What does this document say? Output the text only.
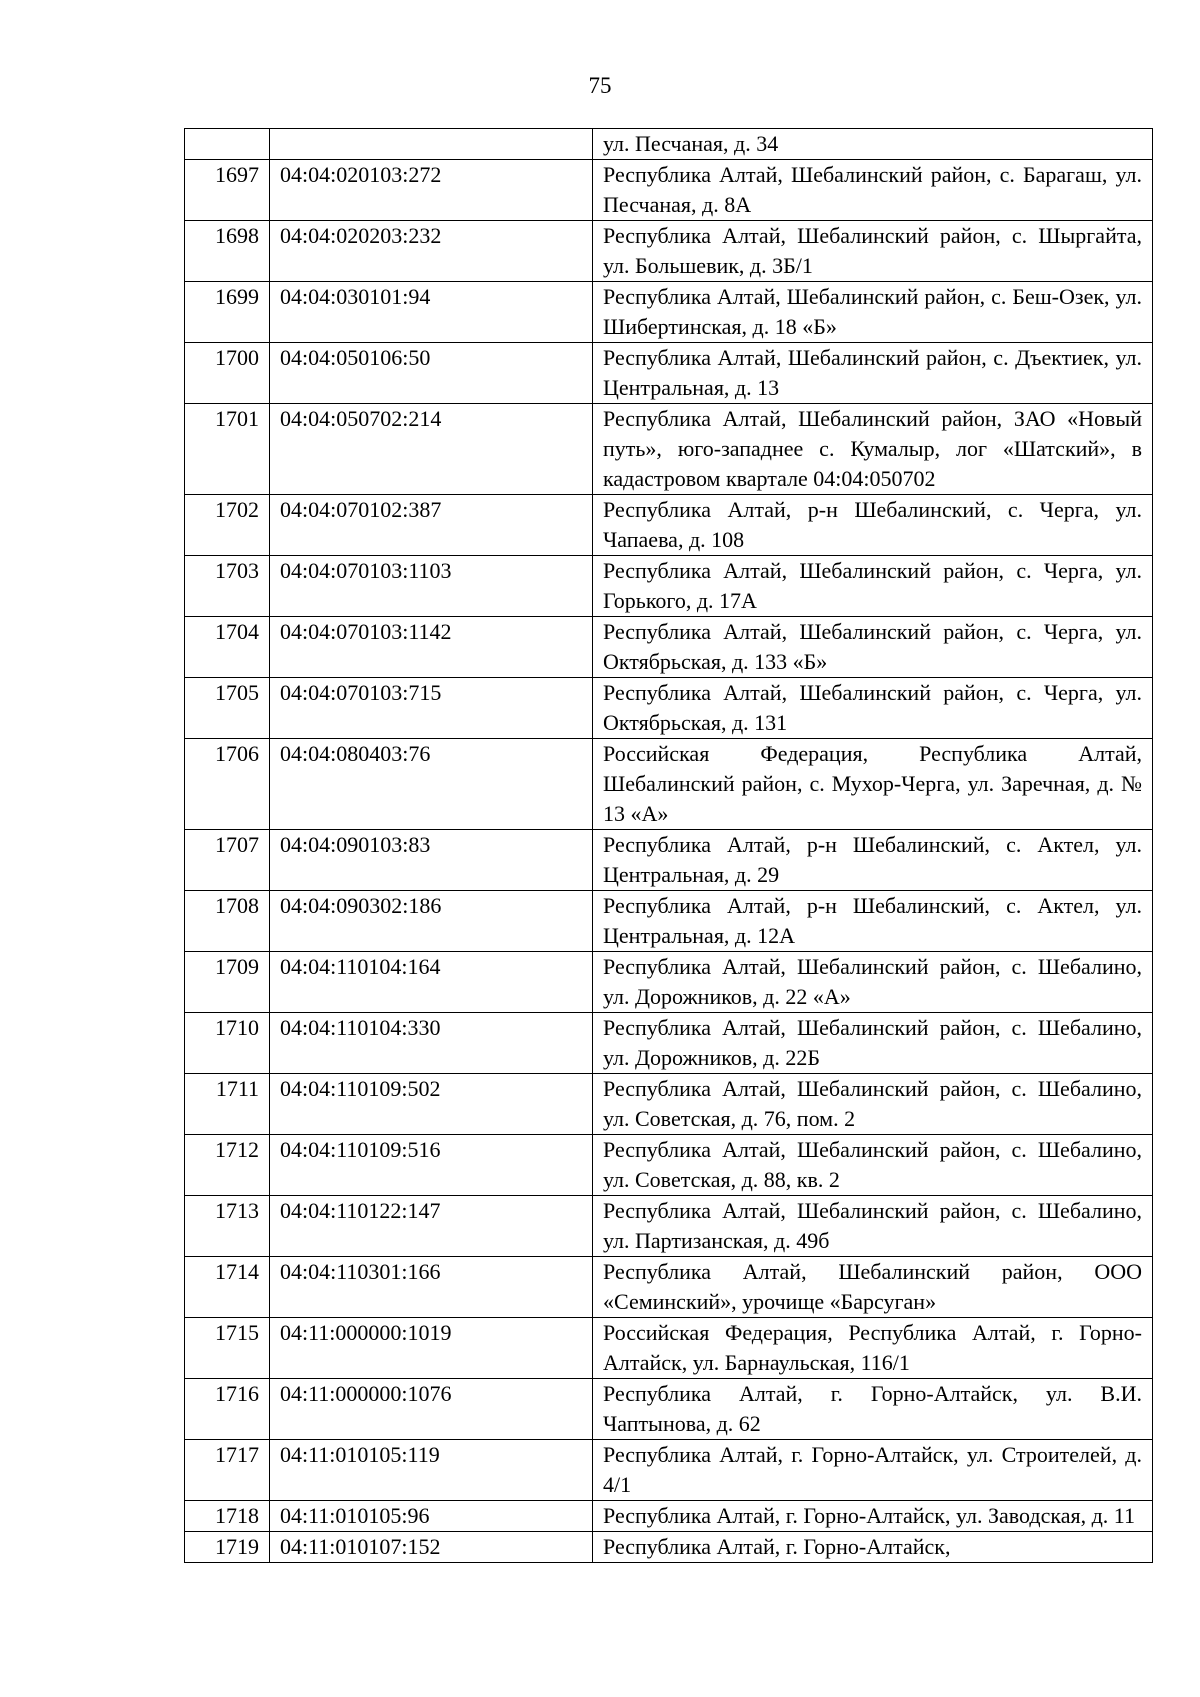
75
		ул. Песчаная, д. 34
1697	04:04:020103:272	Республика Алтай, Шебалинский район, с. Барагаш, ул. Песчаная, д. 8А
1698	04:04:020203:232	Республика Алтай, Шебалинский район, с. Шыргайта, ул. Большевик, д. 3Б/1
1699	04:04:030101:94	Республика Алтай, Шебалинский район, с. Беш-Озек, ул. Шибертинская, д. 18 «Б»
1700	04:04:050106:50	Республика Алтай, Шебалинский район, с. Дъектиек, ул. Центральная, д. 13
1701	04:04:050702:214	Республика Алтай, Шебалинский район, ЗАО «Новый путь», юго-западнее с. Кумалыр, лог «Шатский», в кадастровом квартале 04:04:050702
1702	04:04:070102:387	Республика Алтай, р-н Шебалинский, с. Черга, ул. Чапаева, д. 108
1703	04:04:070103:1103	Республика Алтай, Шебалинский район, с. Черга, ул. Горького, д. 17А
1704	04:04:070103:1142	Республика Алтай, Шебалинский район, с. Черга, ул. Октябрьская, д. 133 «Б»
1705	04:04:070103:715	Республика Алтай, Шебалинский район, с. Черга, ул. Октябрьская, д. 131
1706	04:04:080403:76	Российская Федерация, Республика Алтай, Шебалинский район, с. Мухор-Черга, ул. Заречная, д. № 13 «А»
1707	04:04:090103:83	Республика Алтай, р-н Шебалинский, с. Актел, ул. Центральная, д. 29
1708	04:04:090302:186	Республика Алтай, р-н Шебалинский, с. Актел, ул. Центральная, д. 12А
1709	04:04:110104:164	Республика Алтай, Шебалинский район, с. Шебалино, ул. Дорожников, д. 22 «А»
1710	04:04:110104:330	Республика Алтай, Шебалинский район, с. Шебалино, ул. Дорожников, д. 22Б
1711	04:04:110109:502	Республика Алтай, Шебалинский район, с. Шебалино, ул. Советская, д. 76, пом. 2
1712	04:04:110109:516	Республика Алтай, Шебалинский район, с. Шебалино, ул. Советская, д. 88, кв. 2
1713	04:04:110122:147	Республика Алтай, Шебалинский район, с. Шебалино, ул. Партизанская, д. 49б
1714	04:04:110301:166	Республика Алтай, Шебалинский район, ООО «Семинский», урочище «Барсуган»
1715	04:11:000000:1019	Российская Федерация, Республика Алтай, г. Горно-Алтайск, ул. Барнаульская, 116/1
1716	04:11:000000:1076	Республика Алтай, г. Горно-Алтайск, ул. В.И. Чаптынова, д. 62
1717	04:11:010105:119	Республика Алтай, г. Горно-Алтайск, ул. Строителей, д. 4/1
1718	04:11:010105:96	Республика Алтай, г. Горно-Алтайск, ул. Заводская, д. 11
1719	04:11:010107:152	Республика Алтай, г. Горно-Алтайск,
